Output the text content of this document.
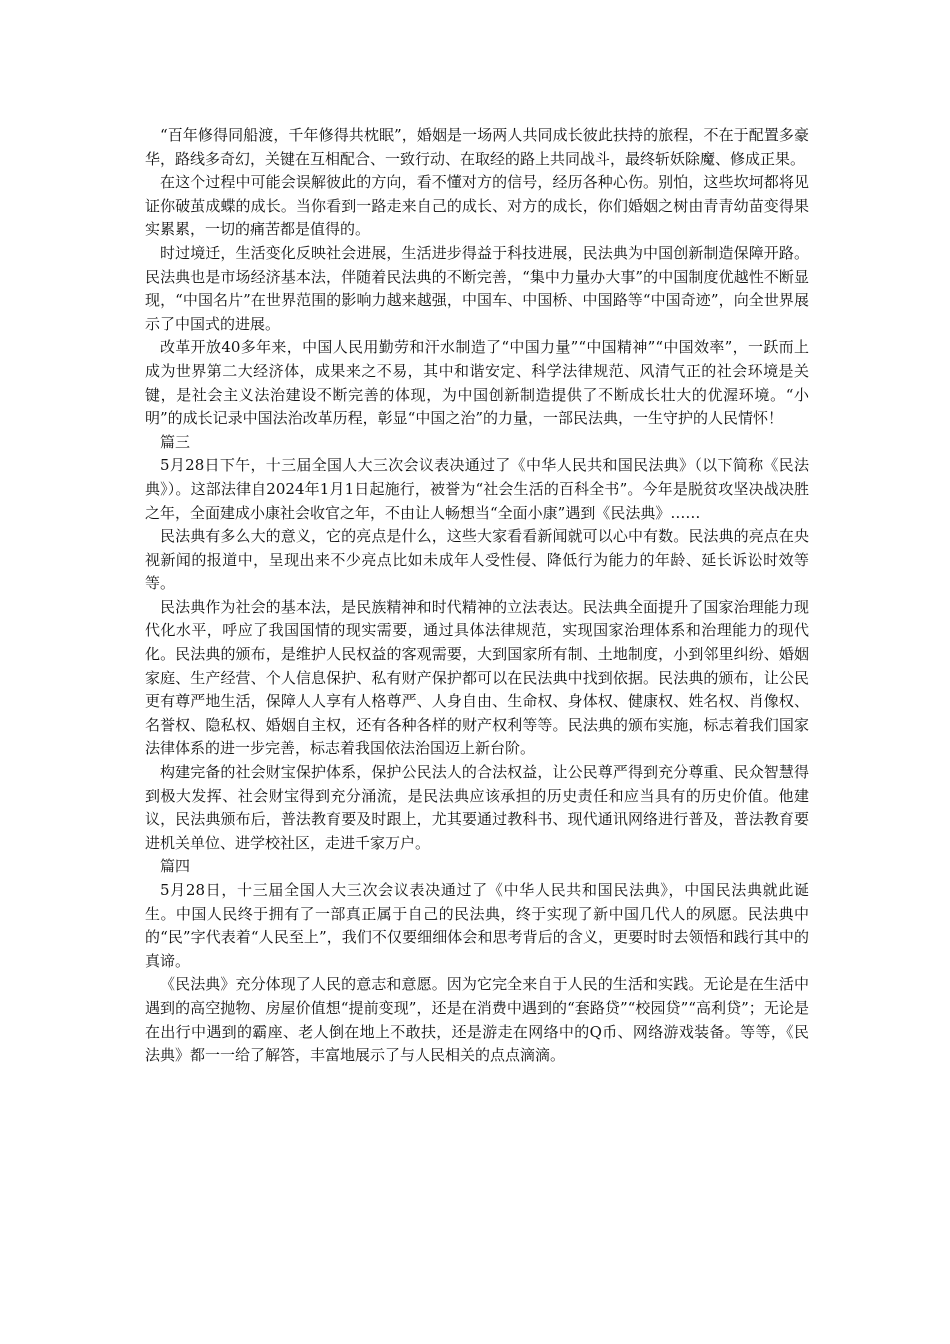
“百年修得同船渡，千年修得共枕眠”，婚姻是一场两人共同成长彼此扶持的旅程，不在于配置多豪华，路线多奇幻，关键在互相配合、一致行动、在取经的路上共同战斗，最终斩妖除魔、修成正果。

在这个过程中可能会误解彼此的方向，看不懂对方的信号，经历各种心伤。别怕，这些坎坷都将见证你破茧成蝶的成长。当你看到一路走来自己的成长、对方的成长，你们婚姻之树由青青幼苗变得果实累累，一切的痛苦都是值得的。

时过境迁，生活变化反映社会进展，生活进步得益于科技进展，民法典为中国创新制造保障开路。民法典也是市场经济基本法，伴随着民法典的不断完善，“集中力量办大事”的中国制度优越性不断显现，“中国名片”在世界范围的影响力越来越强，中国车、中国桥、中国路等“中国奇迹”，向全世界展示了中国式的进展。

改革开放40多年来，中国人民用勤劳和汗水制造了“中国力量”“中国精神”“中国效率”，一跃而上成为世界第二大经济体，成果来之不易，其中和谐安定、科学法律规范、风清气正的社会环境是关键，是社会主义法治建设不断完善的体现，为中国创新制造提供了不断成长壮大的优渥环境。“小明”的成长记录中国法治改革历程，彰显“中国之治”的力量，一部民法典，一生守护的人民情怀！

篇三

5月28日下午，十三届全国人大三次会议表决通过了《中华人民共和国民法典》（以下简称《民法典》）。这部法律自2024年1月1日起施行，被誉为“社会生活的百科全书”。今年是脱贫攻坚决战决胜之年，全面建成小康社会收官之年，不由让人畅想当“全面小康”遇到《民法典》……

民法典有多么大的意义，它的亮点是什么，这些大家看看新闻就可以心中有数。民法典的亮点在央视新闻的报道中，呈现出来不少亮点比如未成年人受性侵、降低行为能力的年龄、延长诉讼时效等等。

民法典作为社会的基本法，是民族精神和时代精神的立法表达。民法典全面提升了国家治理能力现代化水平，呼应了我国国情的现实需要，通过具体法律规范，实现国家治理体系和治理能力的现代化。民法典的颁布，是维护人民权益的客观需要，大到国家所有制、土地制度，小到邻里纠纷、婚姻家庭、生产经营、个人信息保护、私有财产保护都可以在民法典中找到依据。民法典的颁布，让公民更有尊严地生活，保障人人享有人格尊严、人身自由、生命权、身体权、健康权、姓名权、肖像权、名誉权、隐私权、婚姻自主权，还有各种各样的财产权利等等。民法典的颁布实施，标志着我们国家法律体系的进一步完善，标志着我国依法治国迈上新台阶。

构建完备的社会财宝保护体系，保护公民法人的合法权益，让公民尊严得到充分尊重、民众智慧得到极大发挥、社会财宝得到充分涌流，是民法典应该承担的历史责任和应当具有的历史价值。他建议，民法典颁布后，普法教育要及时跟上，尤其要通过教科书、现代通讯网络进行普及，普法教育要进机关单位、进学校社区，走进千家万户。

篇四

5月28日，十三届全国人大三次会议表决通过了《中华人民共和国民法典》，中国民法典就此诞生。中国人民终于拥有了一部真正属于自己的民法典，终于实现了新中国几代人的夙愿。民法典中的“民”字代表着“人民至上”，我们不仅要细细体会和思考背后的含义，更要时时去领悟和践行其中的真谛。

《民法典》充分体现了人民的意志和意愿。因为它完全来自于人民的生活和实践。无论是在生活中遇到的高空抛物、房屋价值想“提前变现”，还是在消费中遇到的“套路贷”“校园贷”“高利贷”；无论是在出行中遇到的霸座、老人倒在地上不敢扶，还是游走在网络中的Q币、网络游戏装备。等等，《民法典》都一一给了解答，丰富地展示了与人民相关的点点滴滴。
